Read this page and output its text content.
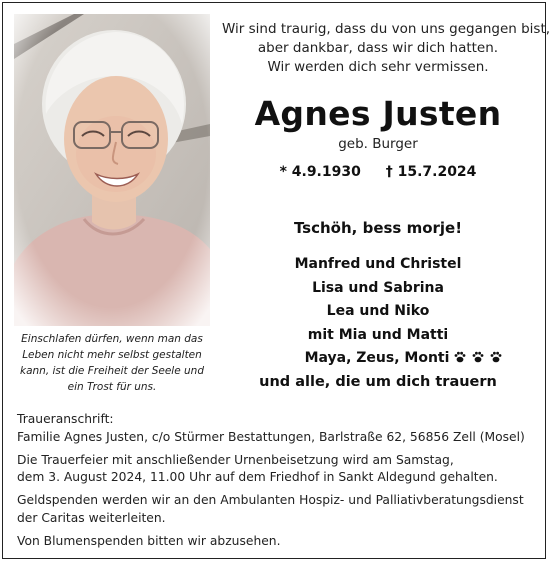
Einschlafen dürfen, wenn man das
Leben nicht mehr selbst gestalten
kann, ist die Freiheit der Seele und
ein Trost für uns.
Wir sind traurig, dass du von uns gegangen bist,
aber dankbar, dass wir dich hatten.
Wir werden dich sehr vermissen.
Agnes Justen
geb. Burger
* 4.9.1930 † 15.7.2024
Tschöh, bess morje!
Manfred und Christel
Lisa und Sabrina
Lea und Niko
mit Mia und Matti
Maya, Zeus, Monti
und alle, die um dich trauern
Traueranschrift:
Familie Agnes Justen, c/o Stürmer Bestattungen, Barlstraße 62, 56856 Zell (Mosel)
Die Trauerfeier mit anschließender Urnenbeisetzung wird am Samstag,
dem 3. August 2024, 11.00 Uhr auf dem Friedhof in Sankt Aldegund gehalten.
Geldspenden werden wir an den Ambulanten Hospiz- und Palliativberatungsdienst
der Caritas weiterleiten.
Von Blumenspenden bitten wir abzusehen.
